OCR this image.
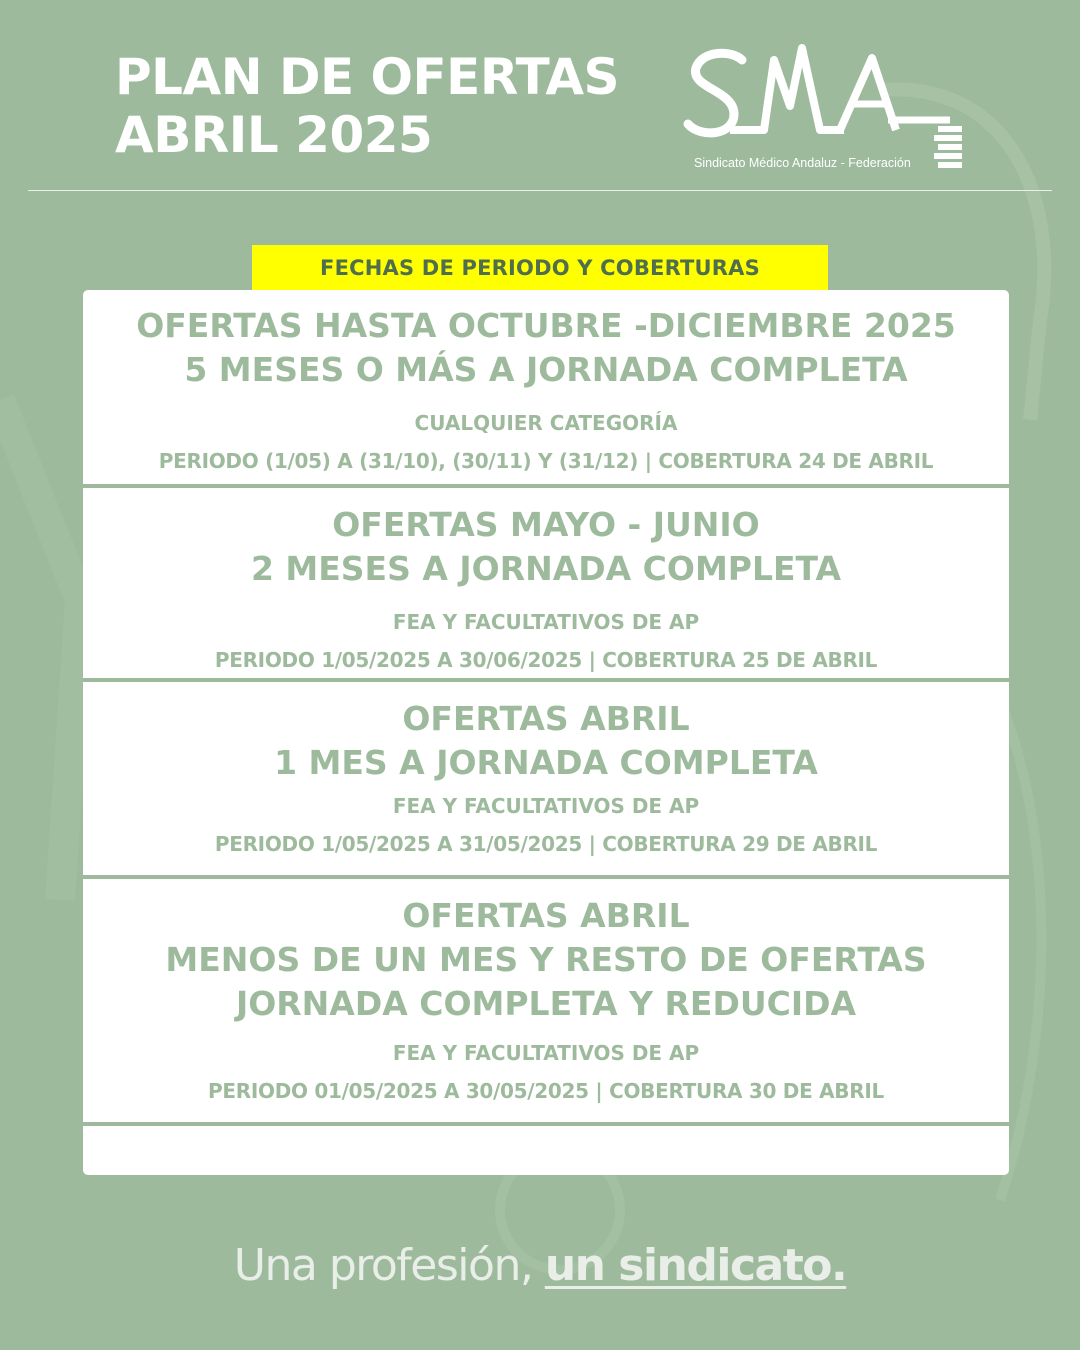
PLAN DE OFERTAS
ABRIL 2025	Sindicato Médico Andaluz - Federación
FECHAS DE PERIODO Y COBERTURAS
OFERTAS HASTA OCTUBRE -DICIEMBRE 2025
5 MESES O MÁS A JORNADA COMPLETA
CUALQUIER CATEGORÍA
PERIODO (1/05) A (31/10), (30/11) Y (31/12) | COBERTURA 24 DE ABRIL
OFERTAS MAYO - JUNIO
2 MESES A JORNADA COMPLETA
FEA Y FACULTATIVOS DE AP
PERIODO 1/05/2025 A 30/06/2025 | COBERTURA 25 DE ABRIL
OFERTAS ABRIL
1 MES A JORNADA COMPLETA
FEA Y FACULTATIVOS DE AP
PERIODO 1/05/2025 A 31/05/2025 | COBERTURA 29 DE ABRIL
OFERTAS ABRIL
MENOS DE UN MES Y RESTO DE OFERTAS
JORNADA COMPLETA Y REDUCIDA
FEA Y FACULTATIVOS DE AP
PERIODO 01/05/2025 A 30/05/2025 | COBERTURA 30 DE ABRIL
Una profesión, un sindicato.
